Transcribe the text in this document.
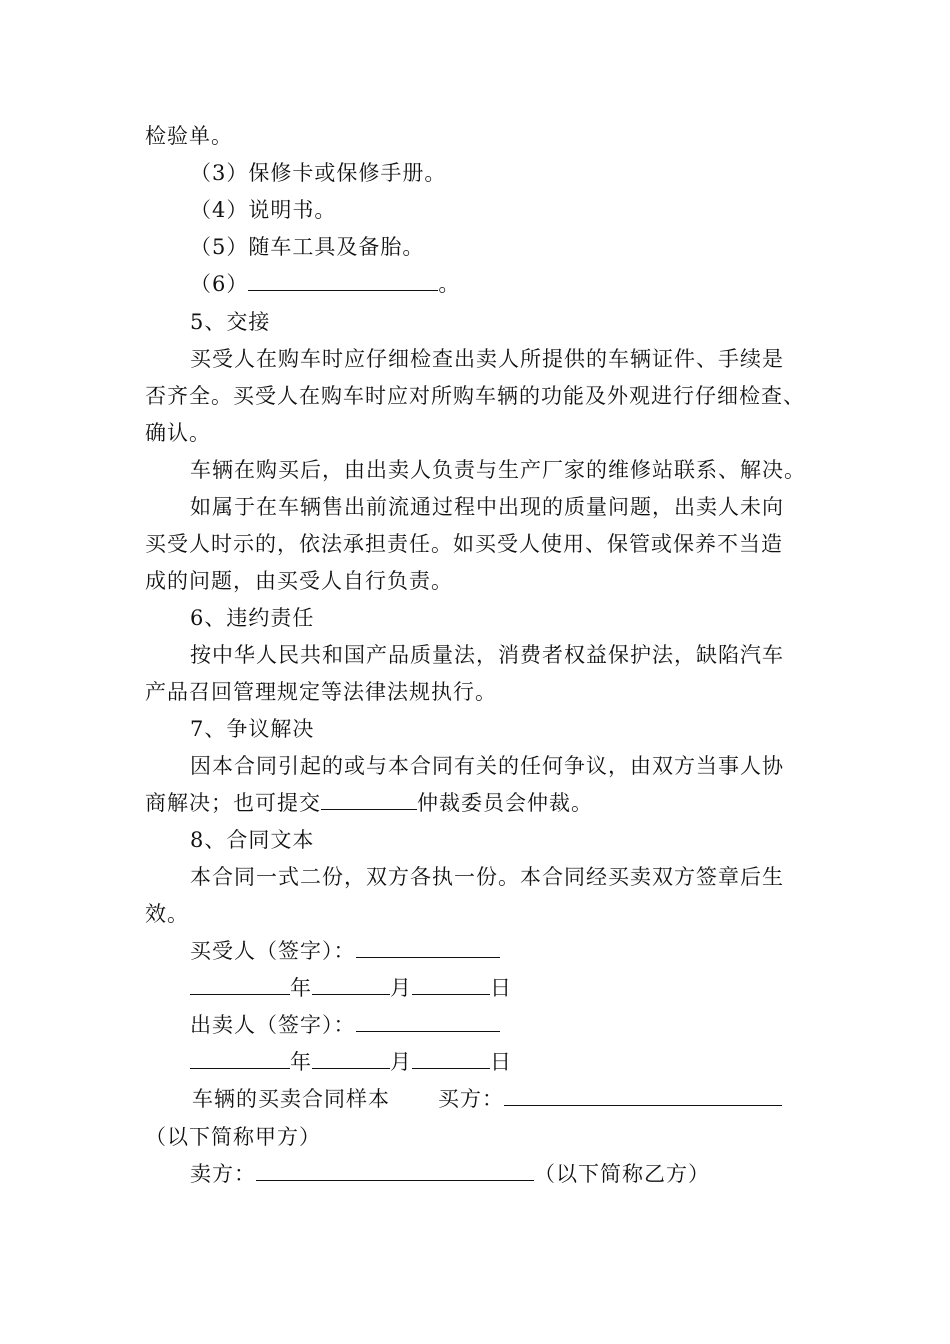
检验单。
（3）保修卡或保修手册。
（4）说明书。
（5）随车工具及备胎。
（6）	。
5、交接
买受人在购车时应仔细检查出卖人所提供的车辆证件、手续是
否齐全。买受人在购车时应对所购车辆的功能及外观进行仔细检查、
确认。
车辆在购买后，由出卖人负责与生产厂家的维修站联系、解决。
如属于在车辆售出前流通过程中出现的质量问题，出卖人未向
买受人时示的，依法承担责任。如买受人使用、保管或保养不当造
成的问题，由买受人自行负责。
6、违约责任
按中华人民共和国产品质量法，消费者权益保护法，缺陷汽车
产品召回管理规定等法律法规执行。
7、争议解决
因本合同引起的或与本合同有关的任何争议，由双方当事人协
商解决；也可提交	仲裁委员会仲裁。
8、合同文本
本合同一式二份，双方各执一份。本合同经买卖双方签章后生
效。
买受人（签字）：
年	月	日
出卖人（签字）：
年	月	日
车辆的买卖合同样本 买方：
（以下简称甲方）
卖方：	（以下简称乙方）
